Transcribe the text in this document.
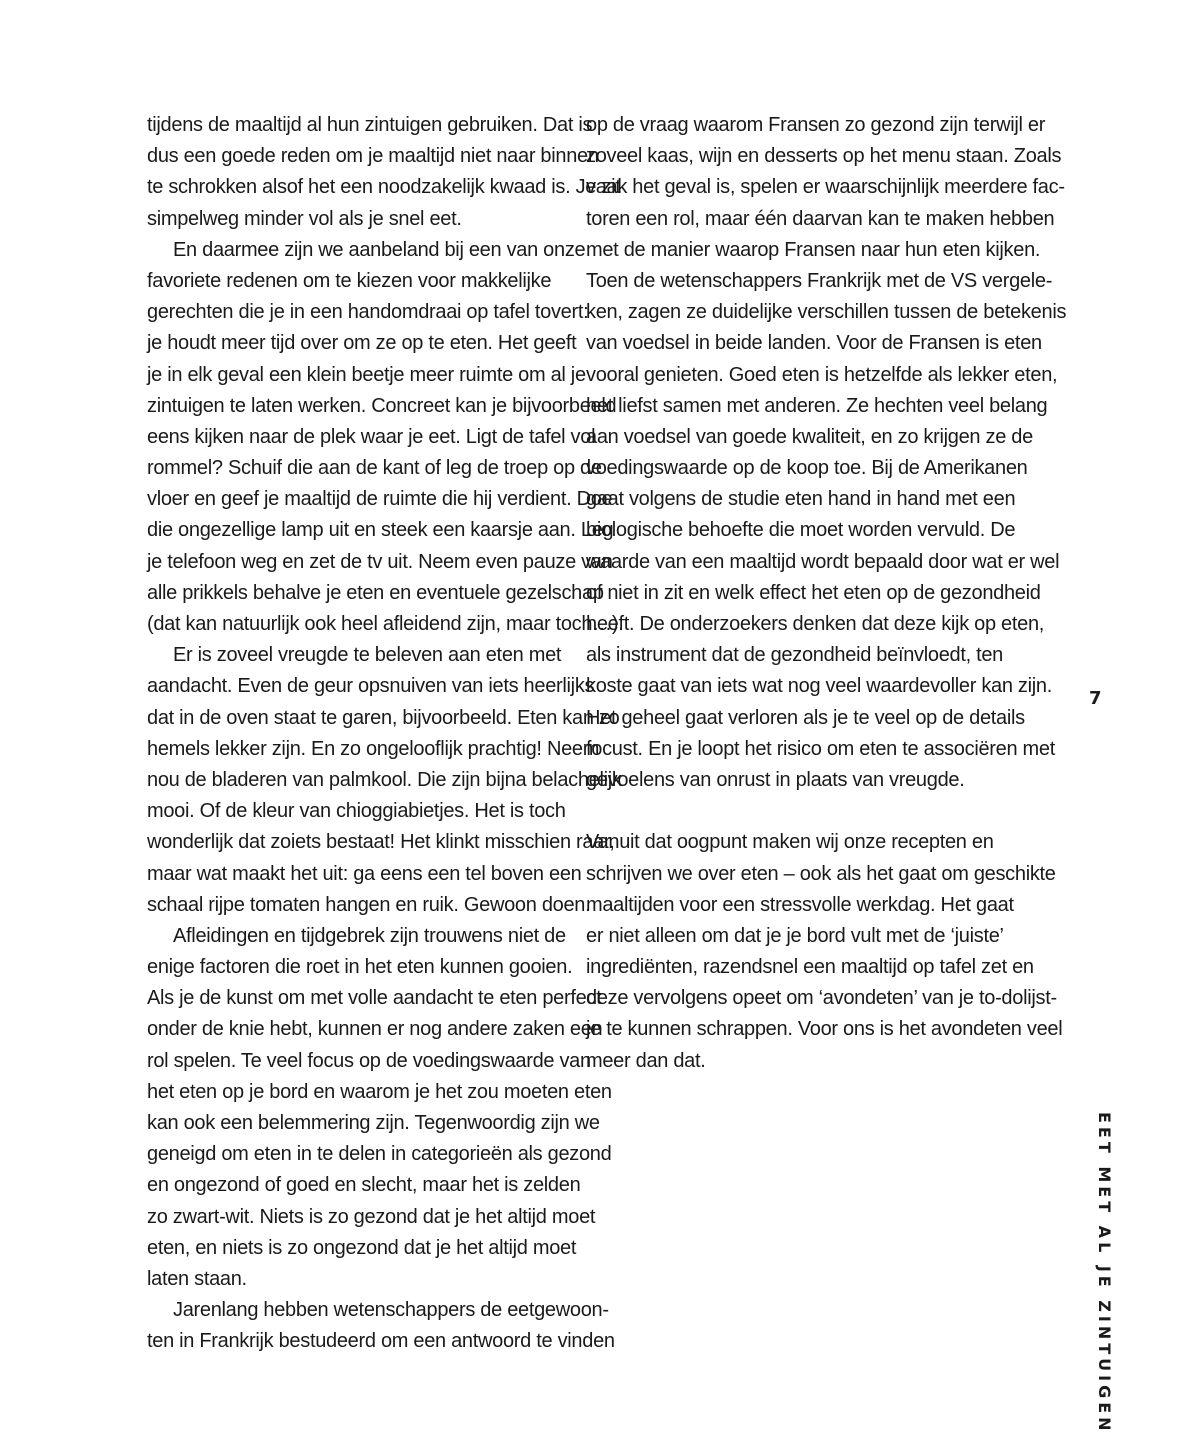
tijdens de maaltijd al hun zintuigen gebruiken. Dat is
dus een goede reden om je maaltijd niet naar binnen
te schrokken alsof het een noodzakelijk kwaad is. Je zit
simpelweg minder vol als je snel eet.
En daarmee zijn we aanbeland bij een van onze
favoriete redenen om te kiezen voor makkelijke
gerechten die je in een handomdraai op tafel tovert:
je houdt meer tijd over om ze op te eten. Het geeft
je in elk geval een klein beetje meer ruimte om al je
zintuigen te laten werken. Concreet kan je bijvoorbeeld
eens kijken naar de plek waar je eet. Ligt de tafel vol
rommel? Schuif die aan de kant of leg de troep op de
vloer en geef je maaltijd de ruimte die hij verdient. Doe
die ongezellige lamp uit en steek een kaarsje aan. Leg
je telefoon weg en zet de tv uit. Neem even pauze van
alle prikkels behalve je eten en eventuele gezelschap
(dat kan natuurlijk ook heel afleidend zijn, maar toch…).
Er is zoveel vreugde te beleven aan eten met
aandacht. Even de geur opsnuiven van iets heerlijks
dat in de oven staat te garen, bijvoorbeeld. Eten kan zo
hemels lekker zijn. En zo ongelooflijk prachtig! Neem
nou de bladeren van palmkool. Die zijn bijna belachelijk
mooi. Of de kleur van chioggiabietjes. Het is toch
wonderlijk dat zoiets bestaat! Het klinkt misschien raar,
maar wat maakt het uit: ga eens een tel boven een
schaal rijpe tomaten hangen en ruik. Gewoon doen.
Afleidingen en tijdgebrek zijn trouwens niet de
enige factoren die roet in het eten kunnen gooien.
Als je de kunst om met volle aandacht te eten perfect
onder de knie hebt, kunnen er nog andere zaken een
rol spelen. Te veel focus op de voedingswaarde van
het eten op je bord en waarom je het zou moeten eten
kan ook een belemmering zijn. Tegenwoordig zijn we
geneigd om eten in te delen in categorieën als gezond
en ongezond of goed en slecht, maar het is zelden
zo zwart-wit. Niets is zo gezond dat je het altijd moet
eten, en niets is zo ongezond dat je het altijd moet
laten staan.
Jarenlang hebben wetenschappers de eetgewoon-
ten in Frankrijk bestudeerd om een antwoord te vinden
op de vraag waarom Fransen zo gezond zijn terwijl er
zoveel kaas, wijn en desserts op het menu staan. Zoals
vaak het geval is, spelen er waarschijnlijk meerdere fac-
toren een rol, maar één daarvan kan te maken hebben
met de manier waarop Fransen naar hun eten kijken.
Toen de wetenschappers Frankrijk met de VS vergele-
ken, zagen ze duidelijke verschillen tussen de betekenis
van voedsel in beide landen. Voor de Fransen is eten
vooral genieten. Goed eten is hetzelfde als lekker eten,
het liefst samen met anderen. Ze hechten veel belang
aan voedsel van goede kwaliteit, en zo krijgen ze de
voedingswaarde op de koop toe. Bij de Amerikanen
gaat volgens de studie eten hand in hand met een
biologische behoefte die moet worden vervuld. De
waarde van een maaltijd wordt bepaald door wat er wel
of niet in zit en welk effect het eten op de gezondheid
heeft. De onderzoekers denken dat deze kijk op eten,
als instrument dat de gezondheid beïnvloedt, ten
koste gaat van iets wat nog veel waardevoller kan zijn.
Het geheel gaat verloren als je te veel op de details
focust. En je loopt het risico om eten te associëren met
gevoelens van onrust in plaats van vreugde.
Vanuit dat oogpunt maken wij onze recepten en
schrijven we over eten – ook als het gaat om geschikte
maaltijden voor een stressvolle werkdag. Het gaat
er niet alleen om dat je je bord vult met de ‘juiste’
ingrediënten, razendsnel een maaltijd op tafel zet en
deze vervolgens opeet om ‘avondeten’ van je to-dolijst-
je te kunnen schrappen. Voor ons is het avondeten veel
meer dan dat.
7
EET MET AL JE ZINTUIGEN
